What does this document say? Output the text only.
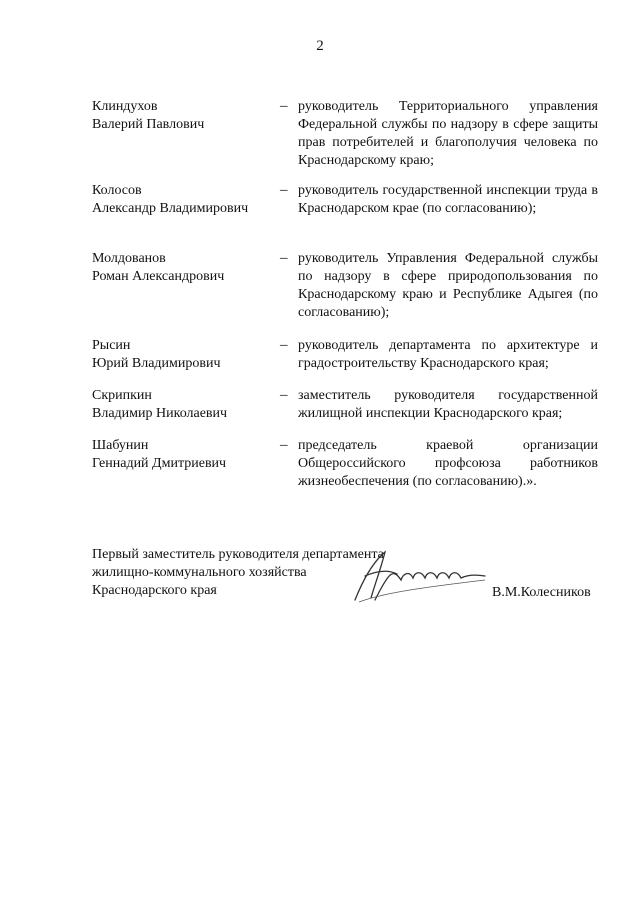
2
Клиндухов
Валерий Павлович
– руководитель Территориального управления Федеральной службы по надзору в сфере защиты прав потребителей и благополучия человека по Краснодарскому краю;
Колосов
Александр Владимирович
– руководитель государственной инспекции труда в Краснодарском крае (по согласованию);
Молдованов
Роман Александрович
– руководитель Управления Федеральной службы по надзору в сфере природопользования по Краснодарскому краю и Республике Адыгея (по согласованию);
Рысин
Юрий Владимирович
– руководитель департамента по архитектуре и градостроительству Краснодарского края;
Скрипкин
Владимир Николаевич
– заместитель руководителя государственной жилищной инспекции Краснодарского края;
Шабунин
Геннадий Дмитриевич
– председатель краевой организации Общероссийского профсоюза работников жизнеобеспечения (по согласованию).».
Первый заместитель руководителя департамента
жилищно-коммунального хозяйства
Краснодарского края	В.М.Колесников
